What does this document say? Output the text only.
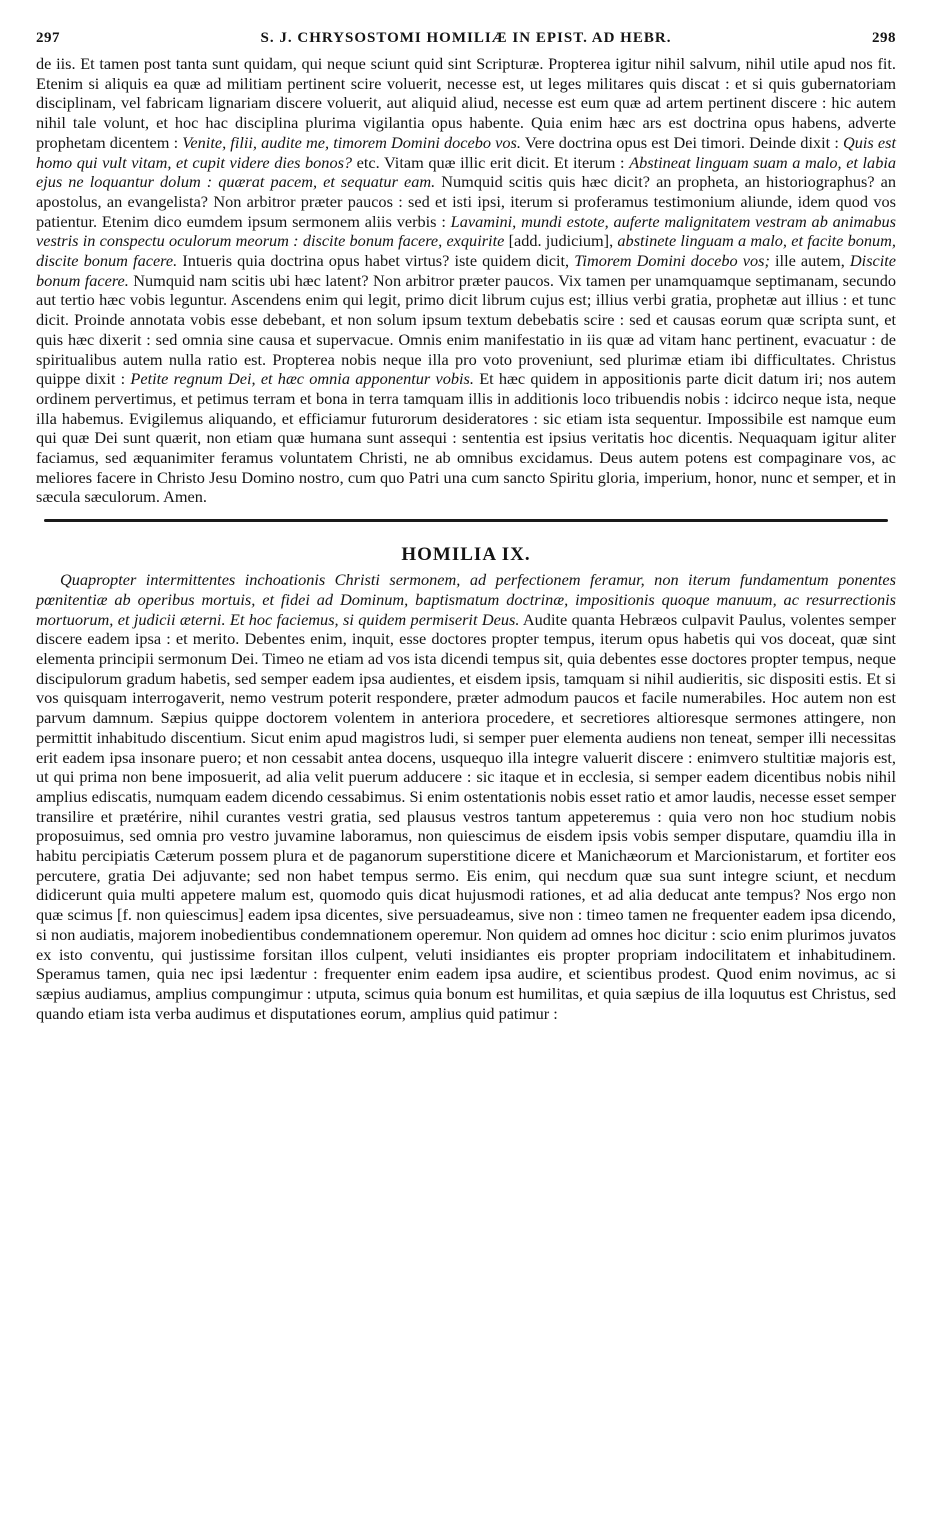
297	S. J. CHRYSOSTOMI HOMILIÆ IN EPIST. AD HEBR.	298

de iis. Et tamen post tanta sunt quidam, qui neque sciunt quid sint Scripturæ. Propterea igitur nihil salvum, nihil utile apud nos fit. Etenim si aliquis ea quæ ad militiam pertinent scire voluerit, necesse est, ut leges militares quis discat : et si quis gubernatoriam disciplinam, vel fabricam lignariam discere voluerit, aut aliquid aliud, necesse est eum quæ ad artem pertinent discere : hic autem nihil tale volunt, et hoc hac disciplina plurima vigilantia opus habente. Quia enim hæc ars est doctrina opus habens, adverte prophetam dicentem : Venite, filii, audite me, timorem Domini docebo vos. Vere doctrina opus est Dei timori. Deinde dixit : Quis est homo qui vult vitam, et cupit videre dies bonos? etc. Vitam quæ illic erit dicit. Et iterum : Abstineat linguam suam a malo, et labia ejus ne loquantur dolum : quærat pacem, et sequatur eam. Numquid scitis quis hæc dicit? an propheta, an historiographus? an apostolus, an evangelista? Non arbitror præter paucos : sed et isti ipsi, iterum si proferamus testimonium aliunde, idem quod vos patientur. Etenim dico eumdem ipsum sermonem aliis verbis : Lavamini, mundi estote, auferte malignitatem vestram ab animabus vestris in conspectu oculorum meorum : discite bonum facere, exquirite [add. judicium], abstinete linguam a malo, et facite bonum, discite bonum facere. Intueris quia doctrina opus habet virtus? iste quidem dicit, Timorem Domini docebo vos; ille autem, Discite bonum facere. Numquid nam scitis ubi hæc latent? Non arbitror præter paucos. Vix tamen per unamquamque septimanam, secundo aut tertio hæc vobis leguntur. Ascendens enim qui legit, primo dicit librum cujus est; illius verbi gratia, prophetæ aut illius : et tunc dicit. Proinde annotata vobis esse debebant, et non solum ipsum textum debebatis scire : sed et causas eorum quæ scripta sunt, et quis hæc dixerit : sed omnia sine causa et supervacue. Omnis enim manifestatio in iis quæ ad vitam hanc pertinent, evacuatur : de spiritualibus autem nulla ratio est. Propterea nobis neque illa pro voto proveniunt, sed plurimæ etiam ibi difficultates. Christus quippe dixit : Petite regnum Dei, et hæc omnia apponentur vobis. Et hæc quidem in appositionis parte dicit datum iri; nos autem ordinem pervertimus, et petimus terram et bona in terra tamquam illis in additionis loco tribuendis nobis : idcirco neque ista, neque illa habemus. Evigilemus aliquando, et efficiamur futurorum desideratores : sic etiam ista sequentur. Impossibile est namque eum qui quæ Dei sunt quærit, non etiam quæ humana sunt assequi : sententia est ipsius veritatis hoc dicentis. Nequaquam igitur aliter faciamus, sed æquanimiter feramus voluntatem Christi, ne ab omnibus excidamus. Deus autem potens est compaginare vos, ac meliores facere in Christo Jesu Domino nostro, cum quo Patri una cum sancto Spiritu gloria, imperium, honor, nunc et semper, et in sæcula sæculorum. Amen.

HOMILIA IX.

Quapropter intermittentes inchoationis Christi sermonem, ad perfectionem feramur, non iterum fundamentum ponentes pœnitentiæ ab operibus mortuis, et fidei ad Dominum, baptismatum doctrinæ, impositionis quoque manuum, ac resurrectionis mortuorum, et judicii æterni. Et hoc faciemus, si quidem permiserit Deus. Audite quanta Hebræos culpavit Paulus, volentes semper discere eadem ipsa : et merito. Debentes enim, inquit, esse doctores propter tempus, iterum opus habetis qui vos doceat, quæ sint elementa principii sermonum Dei. Timeo ne etiam ad vos ista dicendi tempus sit, quia debentes esse doctores propter tempus, neque discipulorum gradum habetis, sed semper eadem ipsa audientes, et eisdem ipsis, tamquam si nihil audieritis, sic dispositi estis. Et si vos quisquam interrogaverit, nemo vestrum poterit respondere, præter admodum paucos et facile numerabiles. Hoc autem non est parvum damnum. Sæpius quippe doctorem volentem in anteriora procedere, et secretiores altioresque sermones attingere, non permittit inhabitudo discentium. Sicut enim apud magistros ludi, si semper puer elementa audiens non teneat, semper illi necessitas erit eadem ipsa insonare puero; et non cessabit antea docens, usquequo illa integre valuerit discere : enimvero stultitiæ majoris est, ut qui prima non bene imposuerit, ad alia velit puerum adducere : sic itaque et in ecclesia, si semper eadem dicentibus nobis nihil amplius ediscatis, numquam eadem dicendo cessabimus. Si enim ostentationis nobis esset ratio et amor laudis, necesse esset semper transilire et prætérire, nihil curantes vestri gratia, sed plausus vestros tantum appeteremus : quia vero non hoc studium nobis proposuimus, sed omnia pro vestro juvamine laboramus, non quiescimus de eisdem ipsis vobis semper disputare, quamdiu illa in habitu percipiatis Cæterum possem plura et de paganorum superstitione dicere et Manichæorum et Marcionistarum, et fortiter eos percutere, gratia Dei adjuvante; sed non habet tempus sermo. Eis enim, qui necdum quæ sua sunt integre sciunt, et necdum didicerunt quia multi appetere malum est, quomodo quis dicat hujusmodi rationes, et ad alia deducat ante tempus? Nos ergo non quæ scimus [f. non quiescimus] eadem ipsa dicentes, sive persuadeamus, sive non : timeo tamen ne frequenter eadem ipsa dicendo, si non audiatis, majorem inobedientibus condemnationem operemur. Non quidem ad omnes hoc dicitur : scio enim plurimos juvatos ex isto conventu, qui justissime forsitan illos culpent, veluti insidiantes eis propter propriam indocilitatem et inhabitudinem. Speramus tamen, quia nec ipsi lædentur : frequenter enim eadem ipsa audire, et scientibus prodest. Quod enim novimus, ac si sæpius audiamus, amplius compungimur : utputa, scimus quia bonum est humilitas, et quia sæpius de illa loquutus est Christus, sed quando etiam ista verba audimus et disputationes eorum, amplius quid patimur :
